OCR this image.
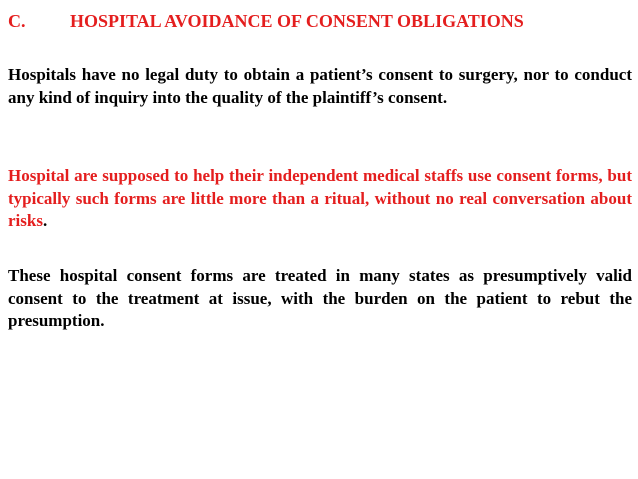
C. HOSPITAL AVOIDANCE OF CONSENT OBLIGATIONS
Hospitals have no legal duty to obtain a patient’s consent to surgery, nor to conduct any kind of inquiry into the quality of the plaintiff’s consent.
Hospital are supposed to help their independent medical staffs use consent forms, but typically such forms are little more than a ritual, without no real conversation about risks.
These hospital consent forms are treated in many states as presumptively valid consent to the treatment at issue, with the burden on the patient to rebut the presumption.
